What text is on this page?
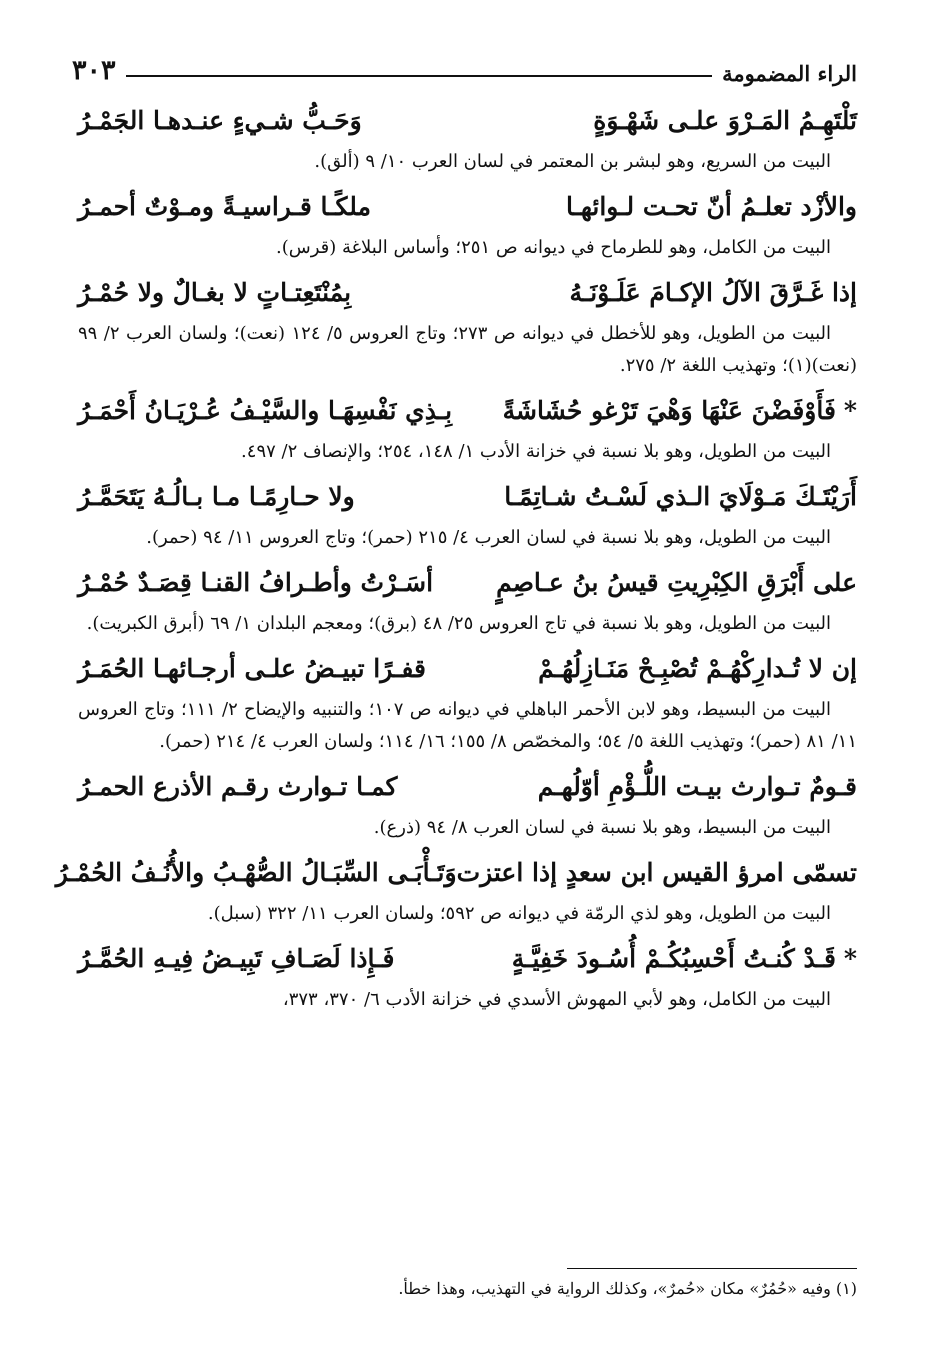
الراء المضمومة
٣٠٣
تَلْتَهِـمُ المَـرْوَ علـى شَهْـوَةٍ
وَحَـبُّ شـيءٍ عنـدهـا الجَمْـرُ

البيت من السريع، وهو لبشر بن المعتمر في لسان العرب ١٠/ ٩ (ألق).

والأزْد تعلـمُ أنّ تحـت لـوائهـا
ملكًـا قـراسيـةً ومـوْتٌ أحمـرُ

البيت من الكامل، وهو للطرماح في ديوانه ص ٢٥١؛ وأساس البلاغة (قرس).

إذا غَـرَّقَ الآلُ الإكـامَ عَلَـوْنَـهُ
بِمُنْتَعِتـاتٍ لا بغـالٌ ولا حُمْـرُ

البيت من الطويل، وهو للأخطل في ديوانه ص ٢٧٣؛ وتاج العروس ٥/ ١٢٤ (نعت)؛ ولسان العرب ٢/ ٩٩ (نعت)(١)؛ وتهذيب اللغة ٢/ ٢٧٥.

*فَأَوْفَضْنَ عَنْهَا وَهْيَ تَرْغو حُشَاشَةً
بِـذِي نَفْسِهَـا والسَّيْـفُ عُـرْيَـانُ أَحْمَـرُ

البيت من الطويل، وهو بلا نسبة في خزانة الأدب ١/ ١٤٨، ٢٥٤؛ والإنصاف ٢/ ٤٩٧.

أَرَيْتَـكَ مَـوْلَايَ الـذي لَسْـتُ شـاتِمًـا
ولا حـارِمًـا مـا بـالُـهُ يَتَحَمَّـرُ

البيت من الطويل، وهو بلا نسبة في لسان العرب ٤/ ٢١٥ (حمر)؛ وتاج العروس ١١/ ٩٤ (حمر).

على أَبْرَقِ الكِبْرِيتِ قيسُ بنُ عـاصِمٍ
أسَـرْتُ وأطـرافُ القنـا قِصَـدٌ حُمْـرُ

البيت من الطويل، وهو بلا نسبة في تاج العروس ٢٥/ ٤٨ (برق)؛ ومعجم البلدان ١/ ٦٩ (أبرق الكبريت).

إن لا تُـدارِكْهُـمْ تُصْبِـحْ مَنَـازِلُهُـمْ
قفـرًا تبيـضُ علـى أرجـائهـا الحُمَـرُ

البيت من البسيط، وهو لابن الأحمر الباهلي في ديوانه ص ١٠٧؛ والتنبيه والإيضاح ٢/ ١١١؛ وتاج العروس ١١/ ٨١ (حمر)؛ وتهذيب اللغة ٥/ ٥٤؛ والمخصّص ٨/ ١٥٥؛ ١٦/ ١١٤؛ ولسان العرب ٤/ ٢١٤ (حمر).

قـومٌ تـوارث بيـت اللُّـؤْمِ أوّلُهـم
كمـا تـوارث رقـم الأذرع الحمـرُ

البيت من البسيط، وهو بلا نسبة في لسان العرب ٨/ ٩٤ (ذرع).

تسمّى امرؤ القيس ابن سعدٍ إذا اعتزت
وَتَـأْبَـى السِّبَـالُ الصُّهْـبُ والأُنُـفُ الحُمْـرُ

البيت من الطويل، وهو لذي الرمّة في ديوانه ص ٥٩٢؛ ولسان العرب ١١/ ٣٢٢ (سبل).

*قَـدْ كُنـتُ أَحْسِبُكُـمْ أُسُـودَ خَفِيَّـةٍ
فَـإِذا لَصَـافِ تَبِيـضُ فِيـهِ الحُمَّـرُ

البيت من الكامل، وهو لأبي المهوش الأسدي في خزانة الأدب ٦/ ٣٧٠، ٣٧٣،

(١) وفيه «حُمُرٌ» مكان «حُمرٌ»، وكذلك الرواية في التهذيب، وهذا خطأ.
